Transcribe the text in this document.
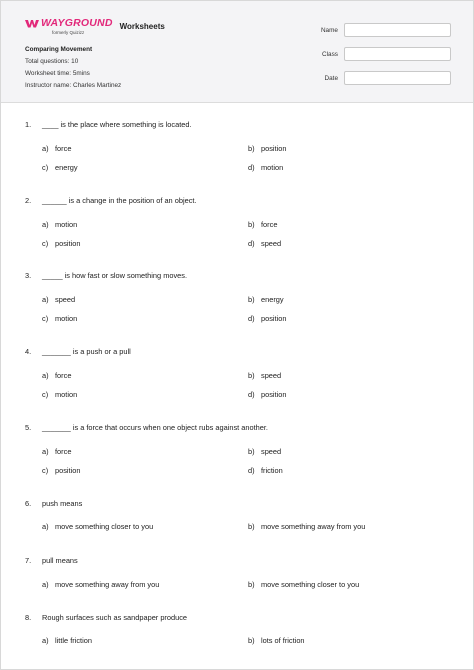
WAYGROUND
formerly Quizizz
Worksheets
Comparing Movement
Total questions: 10
Worksheet time: 5mins
Instructor name: Charles Martinez
Name
Class
Date
1. ____ is the place where something is located.
a) force	b) position
c) energy	d) motion
2. ______ is a change in the position of an object.
a) motion	b) force
c) position	d) speed
3. _____ is how fast or slow something moves.
a) speed	b) energy
c) motion	d) position
4. _______ is a push or a pull
a) force	b) speed
c) motion	d) position
5. _______ is a force that occurs when one object rubs against another.
a) force	b) speed
c) position	d) friction
6. push means
a) move something closer to you	b) move something away from you
7. pull means
a) move something away from you	b) move something closer to you
8. Rough surfaces such as sandpaper produce
a) little friction	b) lots of friction
